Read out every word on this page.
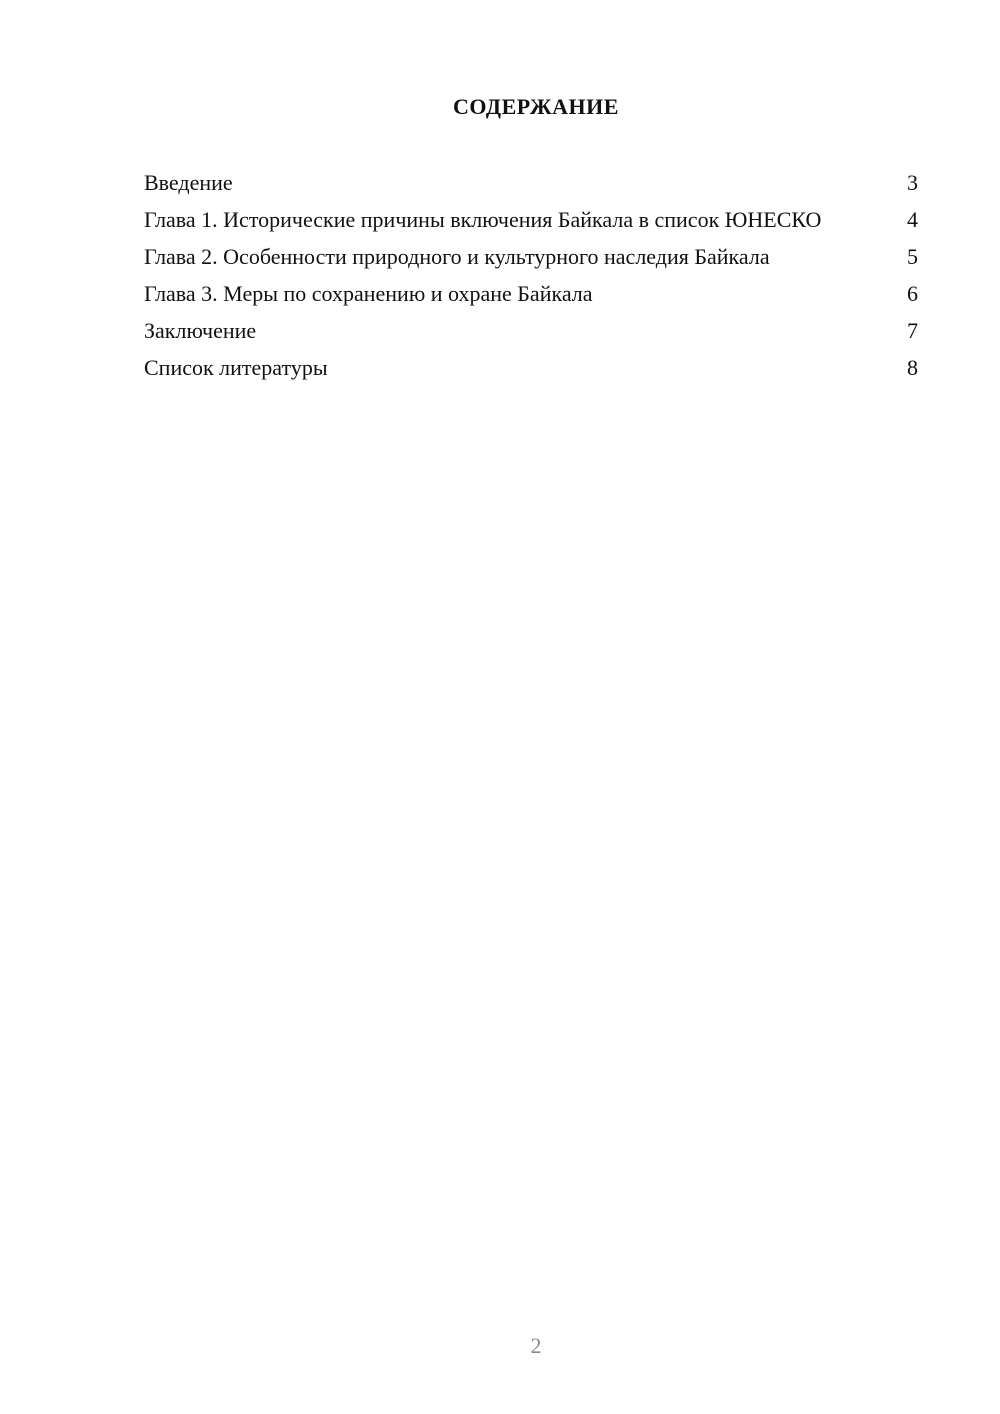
СОДЕРЖАНИЕ
Введение	3
Глава 1. Исторические причины включения Байкала в список ЮНЕСКО	4
Глава 2. Особенности природного и культурного наследия Байкала	5
Глава 3. Меры по сохранению и охране Байкала	6
Заключение	7
Список литературы	8
2
